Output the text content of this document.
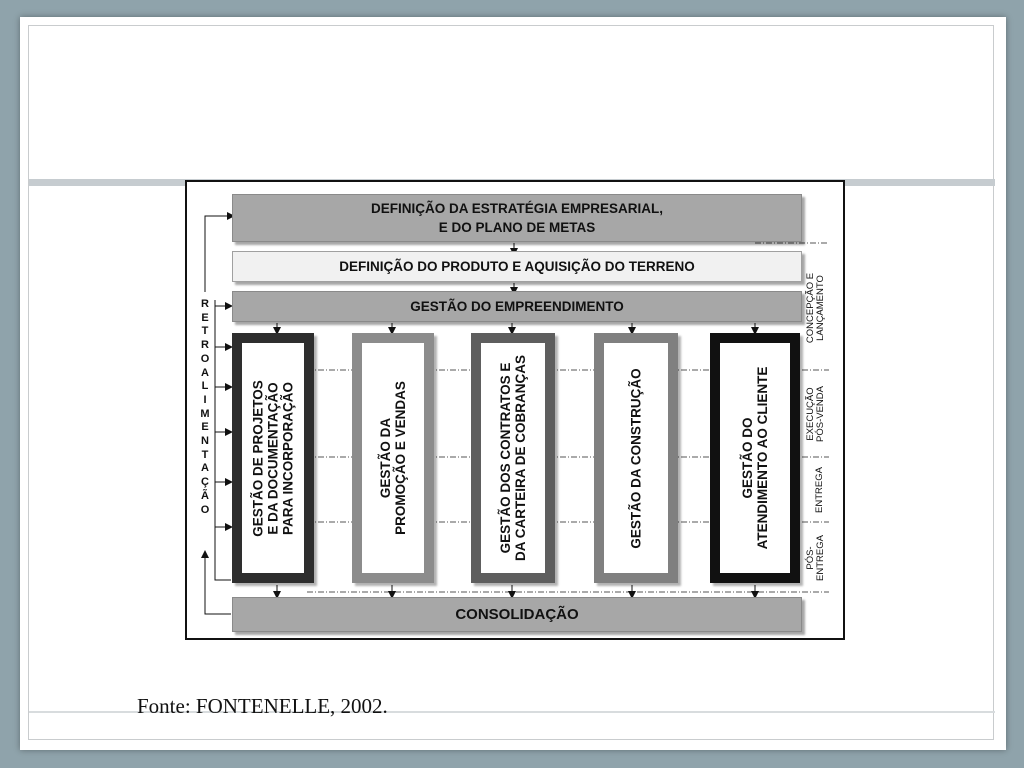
DEFINIÇÃO DA ESTRATÉGIA EMPRESARIAL,
E DO PLANO DE METAS
DEFINIÇÃO DO PRODUTO E AQUISIÇÃO DO TERRENO
GESTÃO DO EMPREENDIMENTO
R
E
T
R
O
A
L
I
M
E
N
T
A
Ç
Ã
O	GESTÃO DE PROJETOS
E DA DOCUMENTAÇÃO
PARA INCORPORAÇÃO	GESTÃO DA
PROMOÇÃO E VENDAS
GESTÃO DOS CONTRATOS E
DA CARTEIRA DE COBRANÇAS	GESTÃO DA CONSTRUÇÃO	GESTÃO DO
ATENDIMENTO AO CLIENTE
CONCEPÇÃO E
LANÇAMENTO
EXECUÇÃO
PÓS-VENDA
ENTREGA
PÓS-
ENTREGA
CONSOLIDAÇÃO
Fonte: FONTENELLE, 2002.
